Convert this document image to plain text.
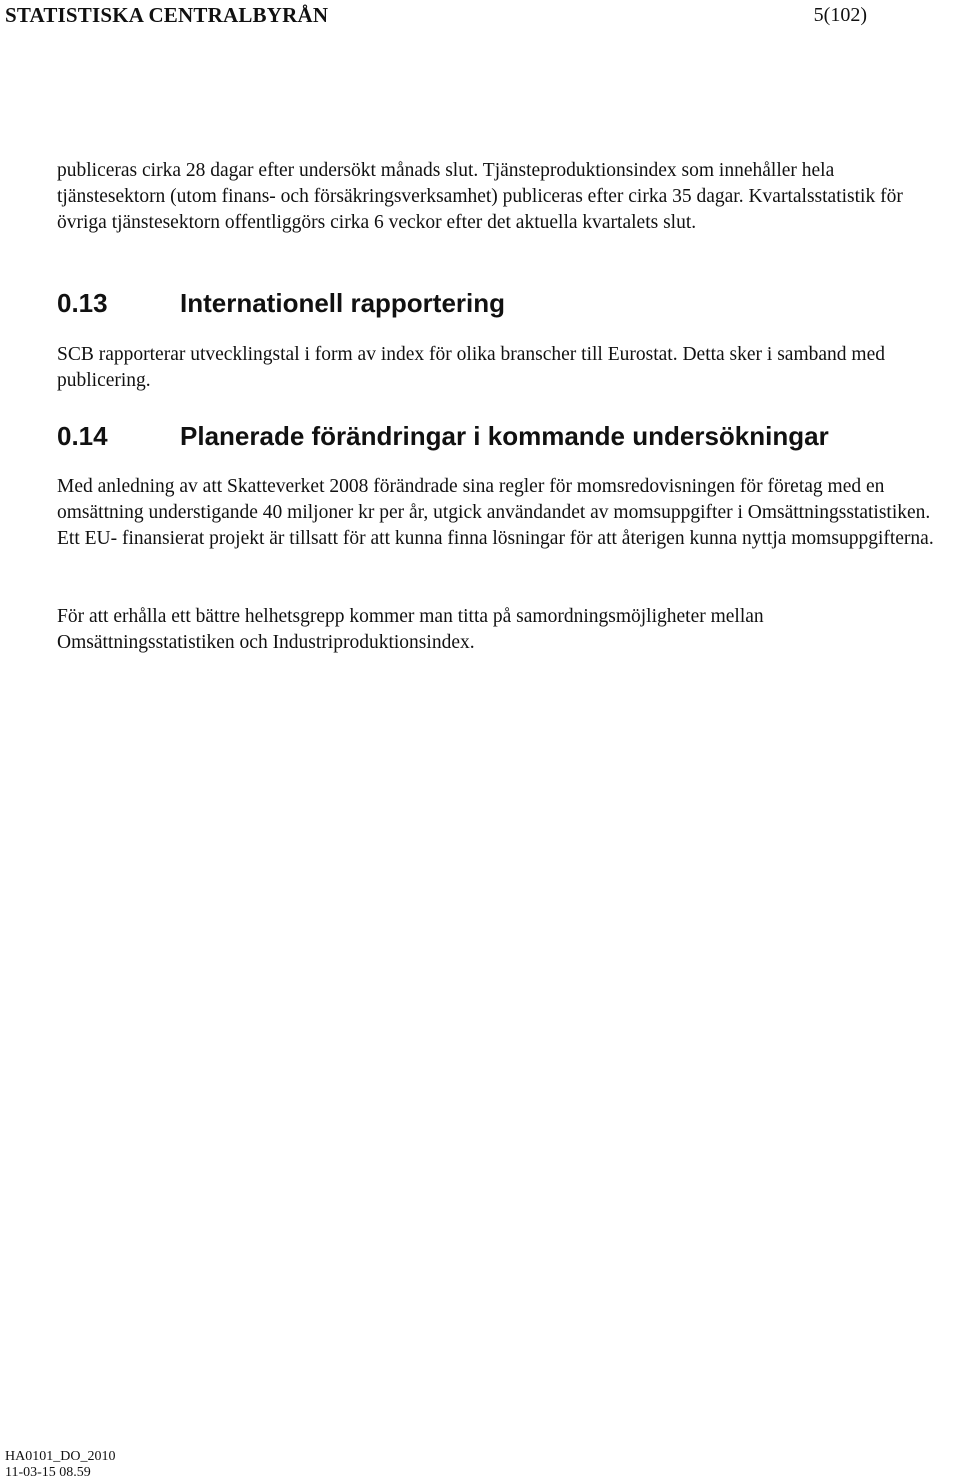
STATISTISKA CENTRALBYRÅN	5(102)

publiceras cirka 28 dagar efter undersökt månads slut. Tjänsteproduktionsindex som innehåller hela tjänstesektorn (utom finans- och försäkringsverksamhet) publiceras efter cirka 35 dagar. Kvartalsstatistik för övriga tjänstesektorn offentliggörs cirka 6 veckor efter det aktuella kvartalets slut.

0.13	Internationell rapportering

SCB rapporterar utvecklingstal i form av index för olika branscher till Eurostat. Detta sker i samband med publicering.

0.14	Planerade förändringar i kommande undersökningar

Med anledning av att Skatteverket 2008 förändrade sina regler för momsredovisningen för företag med en omsättning understigande 40 miljoner kr per år, utgick användandet av momsuppgifter i Omsättningsstatistiken. Ett EU- finansierat projekt är tillsatt för att kunna finna lösningar för att återigen kunna nyttja momsuppgifterna.

För att erhålla ett bättre helhetsgrepp kommer man titta på samordningsmöjligheter mellan Omsättningsstatistiken och Industriproduktionsindex.

HA0101_DO_2010
11-03-15 08.59
